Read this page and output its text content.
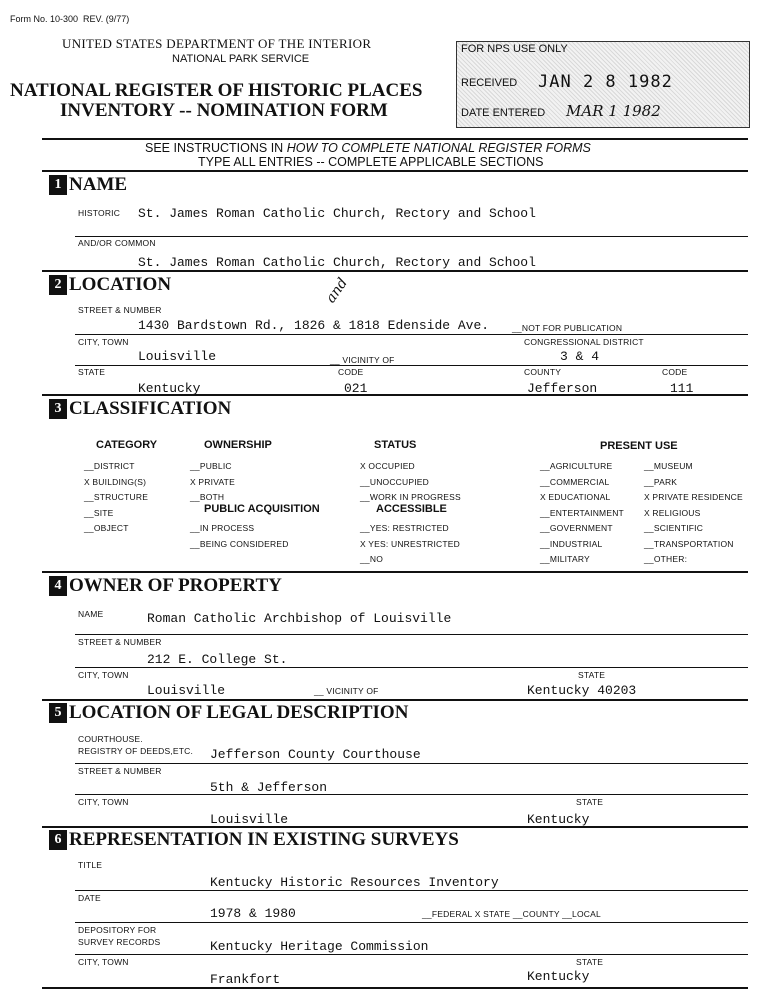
Form No. 10-300 REV. (9/77)
UNITED STATES DEPARTMENT OF THE INTERIOR
NATIONAL PARK SERVICE
NATIONAL REGISTER OF HISTORIC PLACES
INVENTORY -- NOMINATION FORM
FOR NPS USE ONLY
RECEIVED JAN 2 8 1982
DATE ENTERED MAR 1 1982
SEE INSTRUCTIONS IN HOW TO COMPLETE NATIONAL REGISTER FORMS
TYPE ALL ENTRIES -- COMPLETE APPLICABLE SECTIONS
1 NAME
HISTORIC St. James Roman Catholic Church, Rectory and School
AND/OR COMMON
St. James Roman Catholic Church, Rectory and School
2 LOCATION
STREET & NUMBER
and
1430 Bardstown Rd., 1826 & 1818 Edenside Ave.	__NOT FOR PUBLICATION
CITY, TOWN	CONGRESSIONAL DISTRICT
Louisville	__ VICINITY OF	3 & 4
STATE	CODE	COUNTY	CODE
Kentucky	021	Jefferson	111
3 CLASSIFICATION
CATEGORY
__DISTRICT
X BUILDING(S)
__STRUCTURE
__SITE
__OBJECT
OWNERSHIP
__PUBLIC
X PRIVATE
__BOTH
PUBLIC ACQUISITION
__IN PROCESS
__BEING CONSIDERED
STATUS
X OCCUPIED
__UNOCCUPIED
__WORK IN PROGRESS
ACCESSIBLE
__YES: RESTRICTED
X YES: UNRESTRICTED
__NO
PRESENT USE
__AGRICULTURE
__COMMERCIAL
X EDUCATIONAL
__ENTERTAINMENT
__GOVERNMENT
__INDUSTRIAL
__MILITARY
__MUSEUM
__PARK
X PRIVATE RESIDENCE
X RELIGIOUS
__SCIENTIFIC
__TRANSPORTATION
__OTHER:
4 OWNER OF PROPERTY
NAME	Roman Catholic Archbishop of Louisville
STREET & NUMBER
212 E. College St.
CITY, TOWN	STATE
Louisville	__ VICINITY OF	Kentucky 40203
5 LOCATION OF LEGAL DESCRIPTION
COURTHOUSE.
REGISTRY OF DEEDS,ETC. Jefferson County Courthouse
STREET & NUMBER
5th & Jefferson
CITY, TOWN	STATE
Louisville	Kentucky
6 REPRESENTATION IN EXISTING SURVEYS
TITLE
Kentucky Historic Resources Inventory
DATE
1978 & 1980	__FEDERAL X STATE __COUNTY __LOCAL
DEPOSITORY FOR
SURVEY RECORDS	Kentucky Heritage Commission
CITY, TOWN	STATE
Frankfort	Kentucky
